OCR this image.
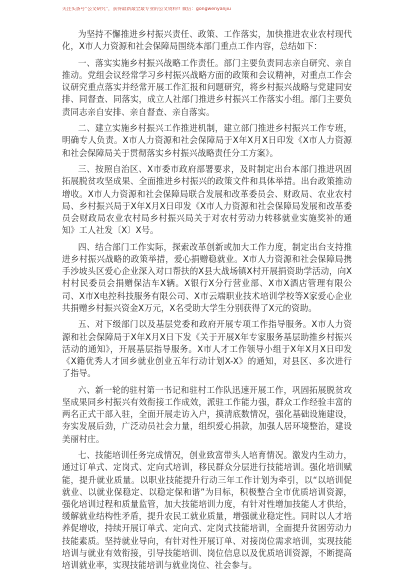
关注头条号“公文研究”，获得最新最全最专业的公文资料!! 微信：gongwenyanjiu

为坚持不懈推进乡村振兴责任、政策、工作落实，加快推进农业农村现代化，X市人力资源和社会保障局围绕本部门重点工作内容，总结如下：

一、落实实施乡村振兴战略工作责任。部门主要负责同志亲自研究、亲自推动。党组会议经常学习乡村振兴战略方面的政策和会议精神，对重点工作会议研究重点落实并经常开展工作汇报和问题研究，将乡村振兴战略与党建同安排、同督查、同落实，成立人社部门推进乡村振兴工作落实小组。部门主要负责同志亲自安排、亲自督查、亲自落实。

二、建立实施乡村振兴工作推进机制，建立部门推进乡村振兴工作专班，明确专人负责。X市人力资源和社会保障局于X年X月X日印发《X市人力资源和社会保障局关于贯彻落实乡村振兴战略责任分工方案》。

三、按照自治区、X市委市政府部署要求，及时制定出台本部门推进巩固拓展脱贫攻坚成果、全面推进乡村振兴的政策文件和具体举措。出台政策推动增收。X市人力资源和社会保障局联合发展和改革委员会、财政局、农业农村局、乡村振兴局于X年X月X日印发《X市人力资源和社会保障局发展和改革委员会财政局农业农村局乡村振兴局关于对农村劳动力转移就业实施奖补的通知》工人社发〔X〕X号。

四、结合部门工作实际，探索改革创新或加大工作力度，制定出台支持推进乡村振兴战略的政策举措，爱心捐赠稳就业。X市人力资源和社会保障局携手沙坡头区爱心企业深入对口帮扶的X县大战场镇X村开展捐资助学活动，向X村村民委员会捐赠保洁车X辆。X银行X分行营业部、X市X酒店管理有限公司、X市X电控科技服务有限公司、X市云端职业技术培训学校等X家爱心企业共捐赠乡村振兴资金X万元，X名受助大学生分别获得了X元的资助。

五、对下级部门以及基层党委和政府开展专项工作指导服务。X市人力资源和社会保障局于X年X月X日下发《关于开展X年专家服务基层助推乡村振兴活动的通知》，开展基层指导服务。X市人才工作领导小组于X年X月X日印发《X籍优秀人才回乡就业创业五年行动计划X-X》的通知，对县区、多次进行了指导。

六、新一轮的驻村第一书记和驻村工作队迅速开展工作，巩固拓展脱贫攻坚成果同乡村振兴有效衔接工作成效，派驻工作能力强，群众工作经验丰富的两名正式干部入驻，全面开展走访入户，摸清底数情况，强化基础设施建设，夯实发展后劲，广泛动员社会力量，组织爱心捐款，加强人居环境整治，建设美丽村庄。

七、技能培训任务完成情况，创业致富带头人培育情况。激发内生动力，通过订单式、定岗式、定向式培训，移民群众分层进行技能培训。强化培训赋能，提升就业质量。以职业技能提升行动三年工作计划为牵引，以“以培训促就业、以就业保稳定、以稳定保和谐”为目标，积极整合全市优质培训资源，强化培训过程和质量监管，加大技能培训力度，有针对性增加技能人才供给，缓解就业结构性矛盾，提升农民工就业质量，增强就业稳定性。同时以人才培养促增收，持续开展订单式、定向式、定岗式技能培训，全面提升贫困劳动力技能素质。坚持就业导向，有针对性开展订单、对接岗位需求培训，实现技能培训与就业有效衔接，引导技能培训、岗位信息以及优质培训资源，不断提高培训就业率，实现技能培训与就业岗位、社会参与。
